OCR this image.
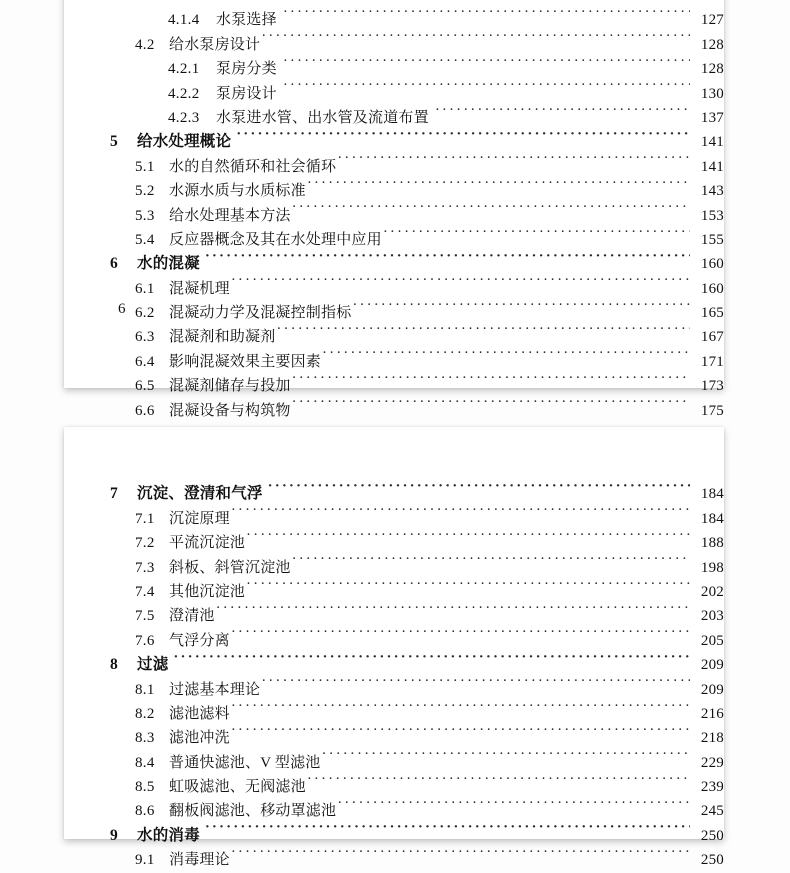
4.1.4	水泵选择 ·····	127
4.2 给水泵房设计 ·····	128
4.2.1	泵房分类 ·····	128
4.2.2	泵房设计 ·····	130
4.2.3	水泵进水管、出水管及流道布置 ·····	137
5	给水处理概论 ·····	141
5.1 水的自然循环和社会循环 ·····	141
5.2 水源水质与水质标准 ·····	143
5.3 给水处理基本方法 ·····	153
5.4 反应器概念及其在水处理中应用 ·····	155
6	水的混凝 ·····	160
6.1 混凝机理 ·····	160
6.2 混凝动力学及混凝控制指标 ·····	165
6.3 混凝剂和助凝剂 ·····	167
6.4 影响混凝效果主要因素 ·····	171
6.5 混凝剂储存与投加 ·····	173
6.6 混凝设备与构筑物 ·····	175
6
7	沉淀、澄清和气浮 ·····	184
7.1 沉淀原理 ·····	184
7.2 平流沉淀池 ·····	188
7.3 斜板、斜管沉淀池 ·····	198
7.4 其他沉淀池 ·····	202
7.5 澄清池 ·····	203
7.6 气浮分离 ·····	205
8	过滤 ·····	209
8.1 过滤基本理论 ·····	209
8.2 滤池滤料 ·····	216
8.3 滤池冲洗 ·····	218
8.4 普通快滤池、V 型滤池 ·····	229
8.5 虹吸滤池、无阀滤池 ·····	239
8.6 翻板阀滤池、移动罩滤池 ·····	245
9	水的消毒 ·····	250
9.1 消毒理论 ·····	250
